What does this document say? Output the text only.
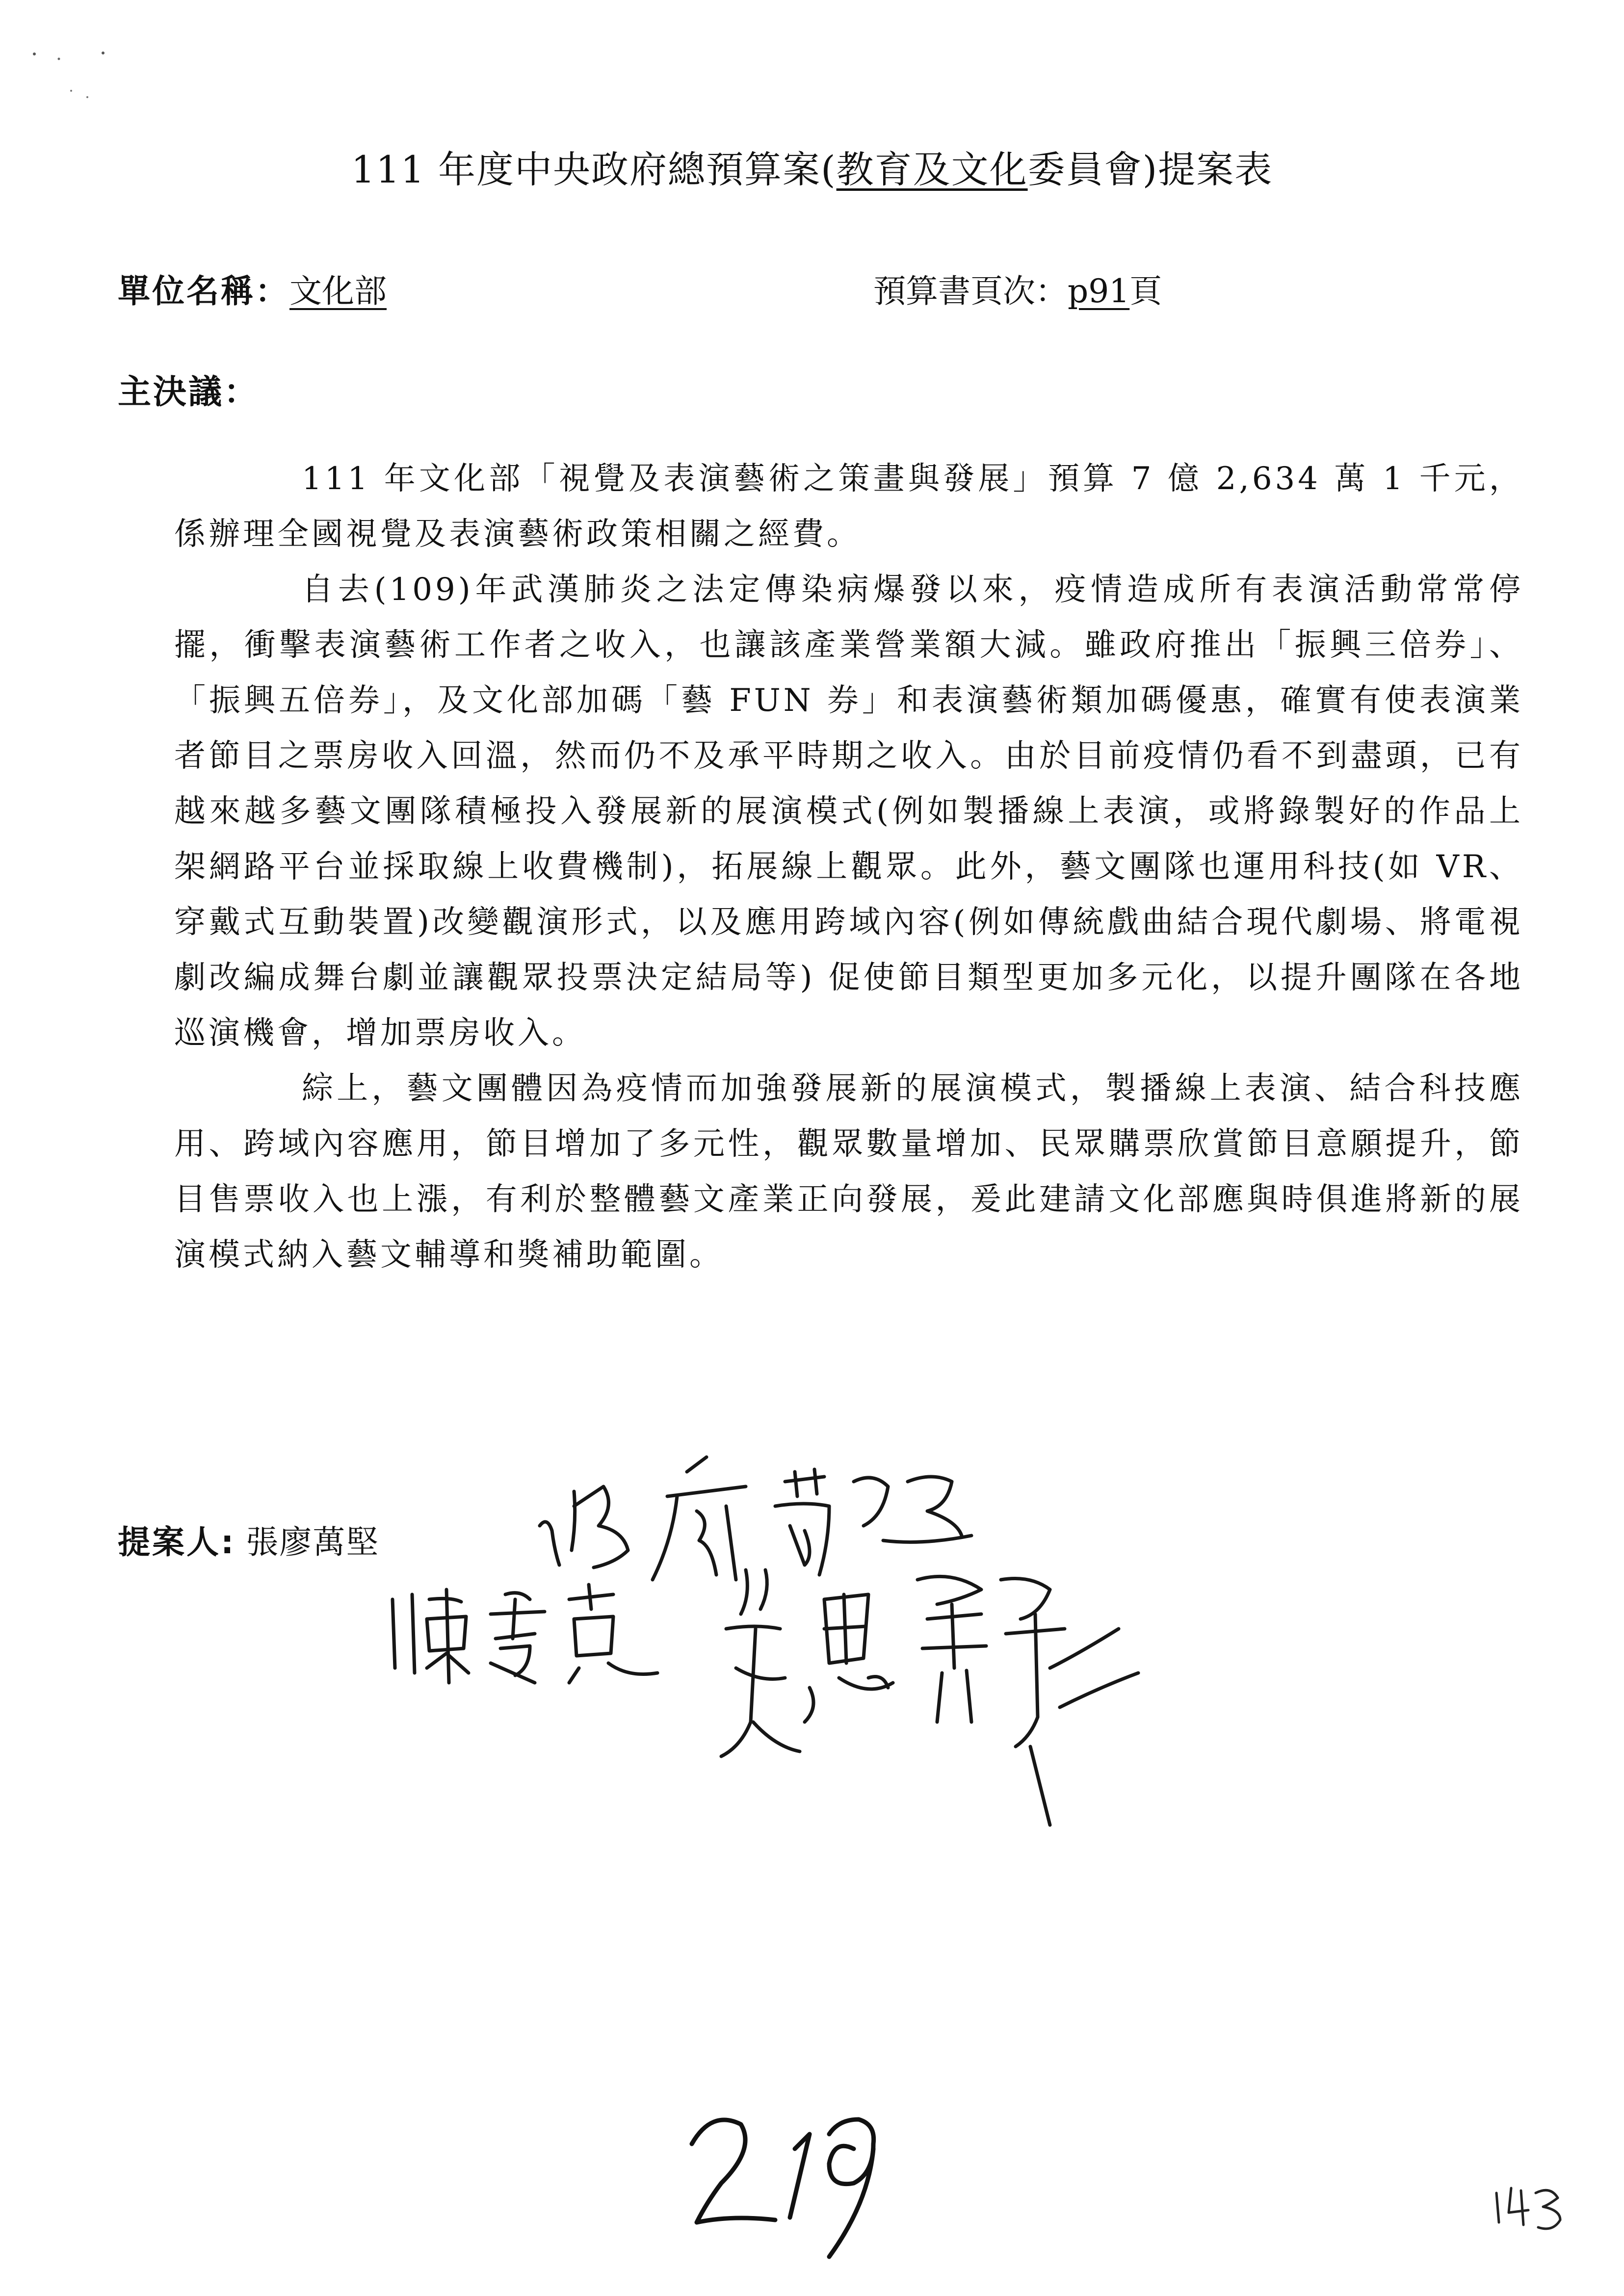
111 年度中央政府總預算案(教育及文化委員會)提案表
單位名稱：文化部	預算書頁次：p91頁
主決議：

111 年文化部「視覺及表演藝術之策畫與發展」預算 7 億 2,634 萬 1 千元，係辦理全國視覺及表演藝術政策相關之經費。

自去(109)年武漢肺炎之法定傳染病爆發以來，疫情造成所有表演活動常常停擺，衝擊表演藝術工作者之收入，也讓該產業營業額大減。雖政府推出「振興三倍券」、「振興五倍券」，及文化部加碼「藝 FUN 券」和表演藝術類加碼優惠，確實有使表演業者節目之票房收入回溫，然而仍不及承平時期之收入。由於目前疫情仍看不到盡頭，已有越來越多藝文團隊積極投入發展新的展演模式(例如製播線上表演，或將錄製好的作品上架網路平台並採取線上收費機制)，拓展線上觀眾。此外，藝文團隊也運用科技(如 VR、穿戴式互動裝置)改變觀演形式，以及應用跨域內容(例如傳統戲曲結合現代劇場、將電視劇改編成舞台劇並讓觀眾投票決定結局等) 促使節目類型更加多元化，以提升團隊在各地巡演機會，增加票房收入。

綜上，藝文團體因為疫情而加強發展新的展演模式，製播線上表演、結合科技應用、跨域內容應用，節目增加了多元性，觀眾數量增加、民眾購票欣賞節目意願提升，節目售票收入也上漲，有利於整體藝文產業正向發展，爰此建請文化部應與時俱進將新的展演模式納入藝文輔導和獎補助範圍。

提案人: 張廖萬堅
